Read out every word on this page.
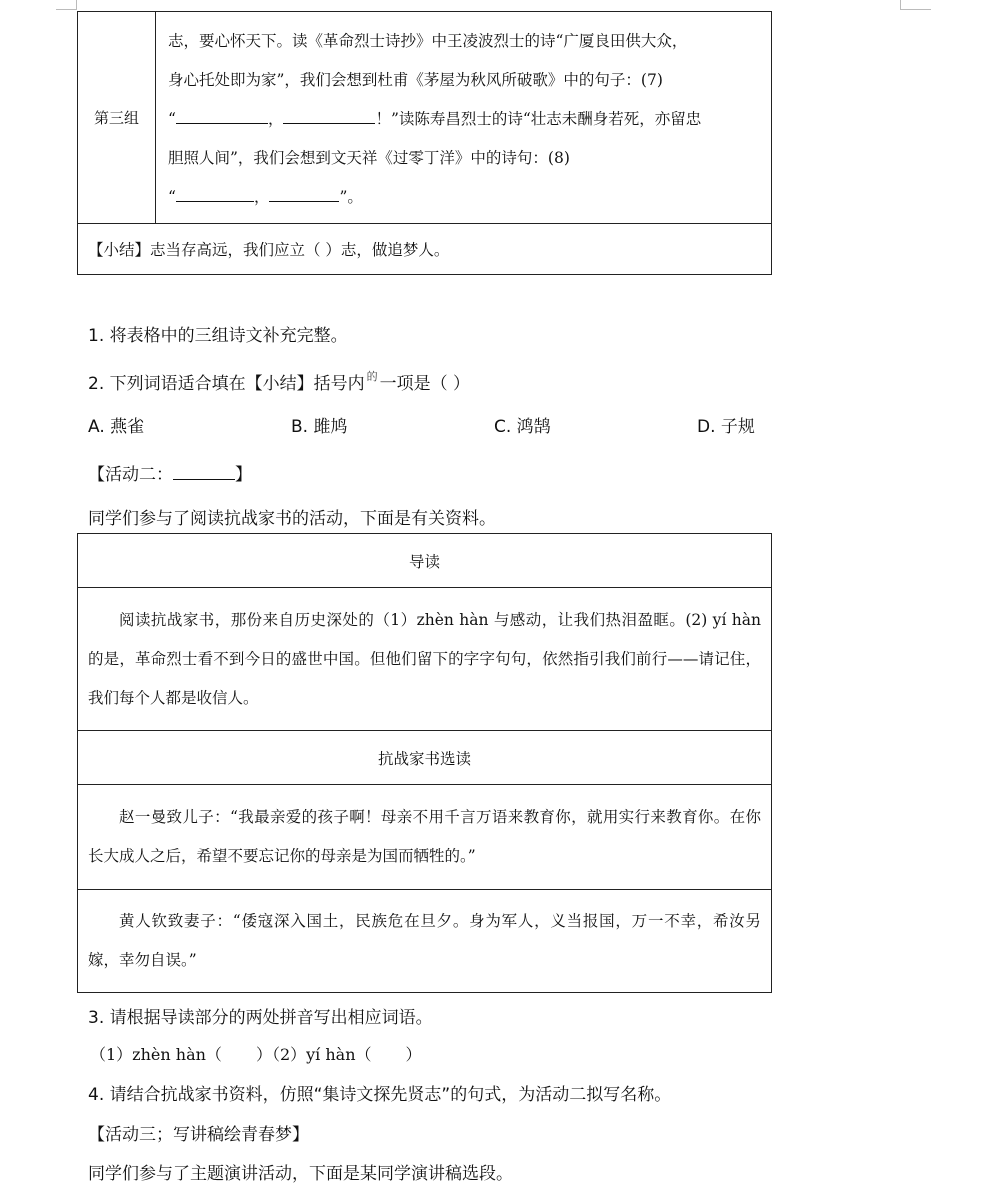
第三组	
志，要心怀天下。读《革命烈士诗抄》中王凌波烈士的诗“广厦良田供大众，
身心托处即为家”，我们会想到杜甫《茅屋为秋风所破歌》中的句子：(7)
“	，	！”读陈寿昌烈士的诗“壮志未酬身若死，亦留忠
胆照人间”，我们会想到文天祥《过零丁洋》中的诗句：(8)
“	，	”。

【小结】志当存高远，我们应立（ ）志，做追梦人。
1. 将表格中的三组诗文补充完整。
2. 下列词语适合填在【小结】括号内 $^的$ 一项是（ ）
A. 燕雀	B. 雎鸠	C. 鸿鹄	D. 子规
【活动二：	】
同学们参与了阅读抗战家书的活动，下面是有关资料。
导读
阅读抗战家书，那份来自历史深处的（1）zhèn hàn 与感动，让我们热泪盈眶。(2) yí hàn 的是，革命烈士看不到今日的盛世中国。但他们留下的字字句句，依然指引我们前行——请记住，我们每个人都是收信人。
抗战家书选读
赵一曼致儿子：“我最亲爱的孩子啊！母亲不用千言万语来教育你，就用实行来教育你。在你长大成人之后，希望不要忘记你的母亲是为国而牺牲的。”
黄人钦致妻子：“倭寇深入国土，民族危在旦夕。身为军人，义当报国，万一不幸，希汝另嫁，幸勿自误。”
3. 请根据导读部分的两处拼音写出相应词语。
（1）zhèn hàn（ ）（2）yí hàn（ ）
4. 请结合抗战家书资料，仿照“集诗文探先贤志”的句式，为活动二拟写名称。
【活动三；写讲稿绘青春梦】
同学们参与了主题演讲活动，下面是某同学演讲稿选段。
